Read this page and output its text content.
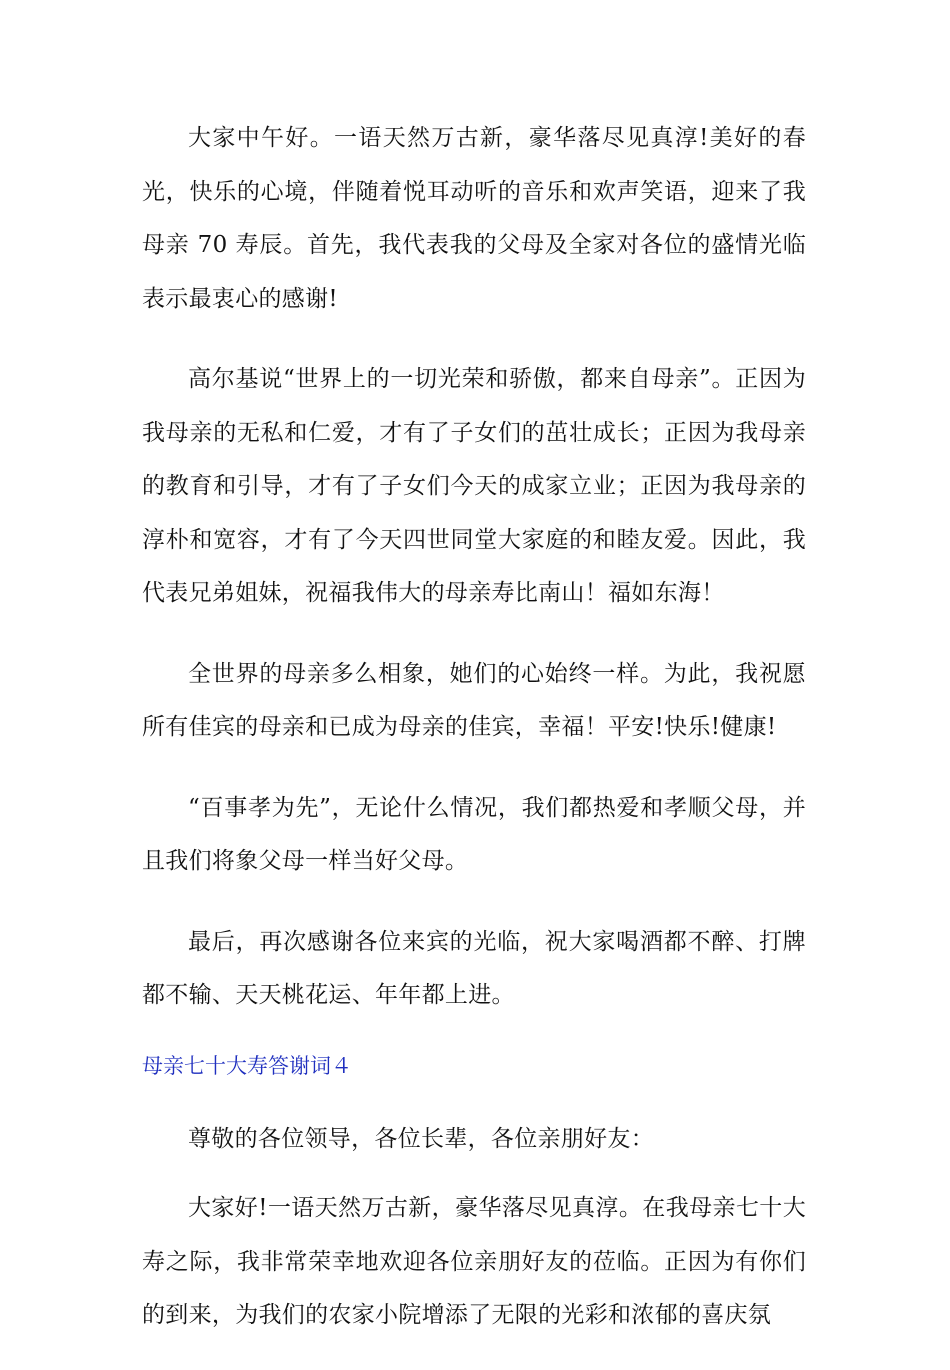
大家中午好。一语天然万古新，豪华落尽见真淳!美好的春光，快乐的心境，伴随着悦耳动听的音乐和欢声笑语，迎来了我母亲 70 寿辰。首先，我代表我的父母及全家对各位的盛情光临表示最衷心的感谢!

高尔基说“世界上的一切光荣和骄傲，都来自母亲”。正因为我母亲的无私和仁爱，才有了子女们的茁壮成长；正因为我母亲的教育和引导，才有了子女们今天的成家立业；正因为我母亲的淳朴和宽容，才有了今天四世同堂大家庭的和睦友爱。因此，我代表兄弟姐妹，祝福我伟大的母亲寿比南山！福如东海！

全世界的母亲多么相象，她们的心始终一样。为此，我祝愿所有佳宾的母亲和已成为母亲的佳宾，幸福！平安!快乐!健康!

“百事孝为先”，无论什么情况，我们都热爱和孝顺父母，并且我们将象父母一样当好父母。

最后，再次感谢各位来宾的光临，祝大家喝酒都不醉、打牌都不输、天天桃花运、年年都上进。

母亲七十大寿答谢词４

尊敬的各位领导，各位长辈，各位亲朋好友：

大家好!一语天然万古新，豪华落尽见真淳。在我母亲七十大寿之际，我非常荣幸地欢迎各位亲朋好友的莅临。正因为有你们的到来，为我们的农家小院增添了无限的光彩和浓郁的喜庆氛
